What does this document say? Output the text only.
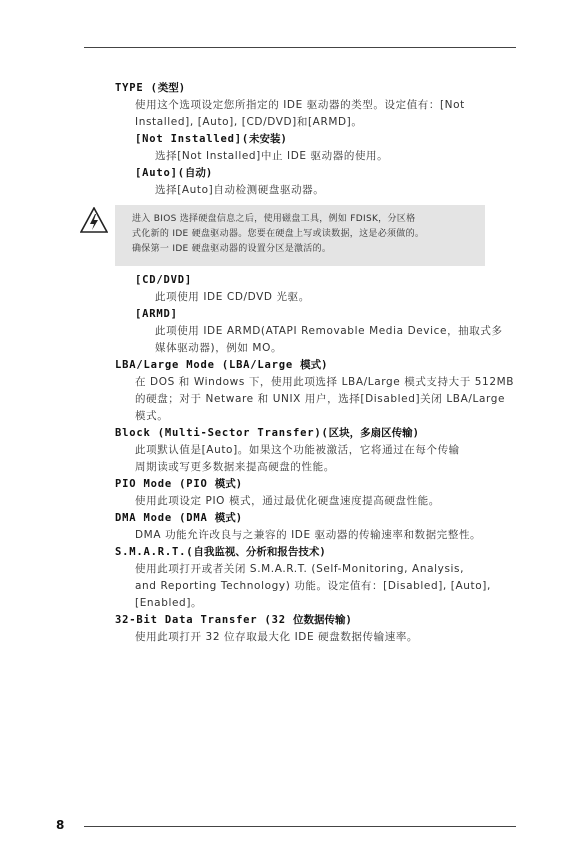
TYPE (类型)
使用这个选项设定您所指定的 IDE 驱动器的类型。设定值有：[Not
Installed], [Auto], [CD/DVD]和[ARMD]。
[Not Installed](未安装)
选择[Not Installed]中止 IDE 驱动器的使用。
[Auto](自动)
选择[Auto]自动检测硬盘驱动器。
进入 BIOS 选择硬盘信息之后，使用磁盘工具，例如 FDISK，分区格
式化新的 IDE 硬盘驱动器。您要在硬盘上写或读数据，这是必须做的。
确保第一 IDE 硬盘驱动器的设置分区是激活的。
[CD/DVD]
此项使用 IDE CD/DVD 光驱。
[ARMD]
此项使用 IDE ARMD(ATAPI Removable Media Device，抽取式多
媒体驱动器)，例如 MO。
LBA/Large Mode (LBA/Large 模式)
在 DOS 和 Windows 下，使用此项选择 LBA/Large 模式支持大于 512MB
的硬盘；对于 Netware 和 UNIX 用户，选择[Disabled]关闭 LBA/Large
模式。
Block (Multi-Sector Transfer)(区块，多扇区传输)
此项默认值是[Auto]。如果这个功能被激活，它将通过在每个传输
周期读或写更多数据来提高硬盘的性能。
PIO Mode (PIO 模式)
使用此项设定 PIO 模式，通过最优化硬盘速度提高硬盘性能。
DMA Mode (DMA 模式)
DMA 功能允许改良与之兼容的 IDE 驱动器的传输速率和数据完整性。
S.M.A.R.T.(自我监视、分析和报告技术)
使用此项打开或者关闭 S.M.A.R.T. (Self-Monitoring, Analysis,
and Reporting Technology) 功能。设定值有：[Disabled], [Auto],
[Enabled]。
32-Bit Data Transfer (32 位数据传输)
使用此项打开 32 位存取最大化 IDE 硬盘数据传输速率。
8
